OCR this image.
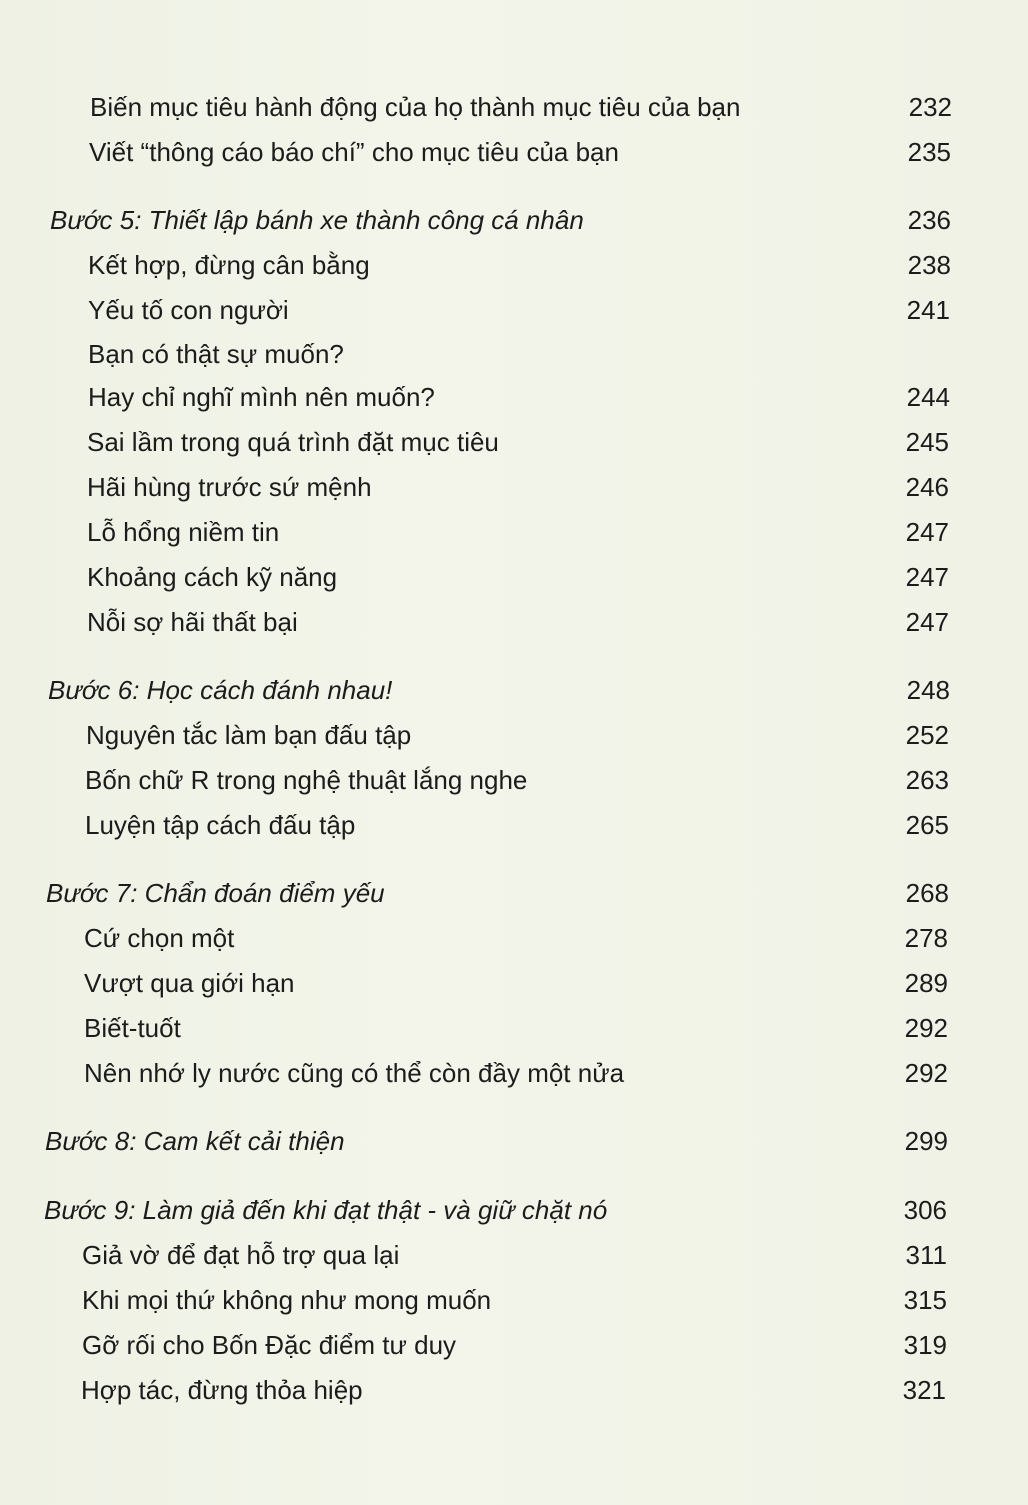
Biến mục tiêu hành động của họ thành mục tiêu của bạn	232
Viết “thông cáo báo chí” cho mục tiêu của bạn	235
Bước 5: Thiết lập bánh xe thành công cá nhân	236
Kết hợp, đừng cân bằng	238
Yếu tố con người	241
Bạn có thật sự muốn?
Hay chỉ nghĩ mình nên muốn?	244
Sai lầm trong quá trình đặt mục tiêu	245
Hãi hùng trước sứ mệnh	246
Lỗ hổng niềm tin	247
Khoảng cách kỹ năng	247
Nỗi sợ hãi thất bại	247
Bước 6: Học cách đánh nhau!	248
Nguyên tắc làm bạn đấu tập	252
Bốn chữ R trong nghệ thuật lắng nghe	263
Luyện tập cách đấu tập	265
Bước 7: Chẩn đoán điểm yếu	268
Cứ chọn một	278
Vượt qua giới hạn	289
Biết-tuốt	292
Nên nhớ ly nước cũng có thể còn đầy một nửa	292
Bước 8: Cam kết cải thiện	299
Bước 9: Làm giả đến khi đạt thật - và giữ chặt nó	306
Giả vờ để đạt hỗ trợ qua lại	311
Khi mọi thứ không như mong muốn	315
Gỡ rối cho Bốn Đặc điểm tư duy	319
Hợp tác, đừng thỏa hiệp	321
